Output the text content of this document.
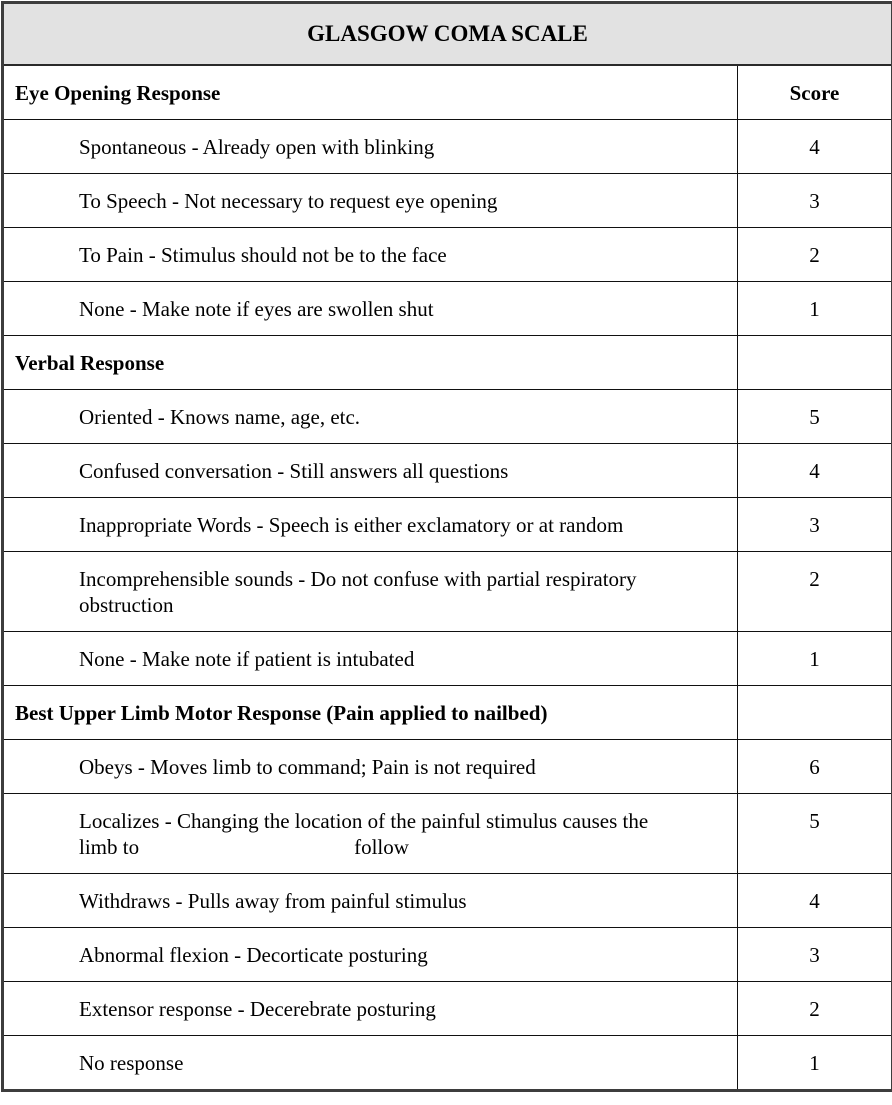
GLASGOW COMA SCALE	
Eye Opening Response	Score

Spontaneous - Already open with blinking	4

To Speech - Not necessary to request eye opening	3

To Pain - Stimulus should not be to the face	2

None - Make note if eyes are swollen shut	1
Verbal Response	

Oriented - Knows name, age, etc.	5

Confused conversation - Still answers all questions	4

Inappropriate Words - Speech is either exclamatory or at random	3

Incomprehensible sounds - Do not confuse with partial respiratory
obstruction	2

None - Make note if patient is intubated	1
Best Upper Limb Motor Response (Pain applied to nailbed)	

Obeys - Moves limb to command; Pain is not required	6

Localizes - Changing the location of the painful stimulus causes the
limb to follow	5

Withdraws - Pulls away from painful stimulus	4

Abnormal flexion - Decorticate posturing	3

Extensor response - Decerebrate posturing	2

No response	1
